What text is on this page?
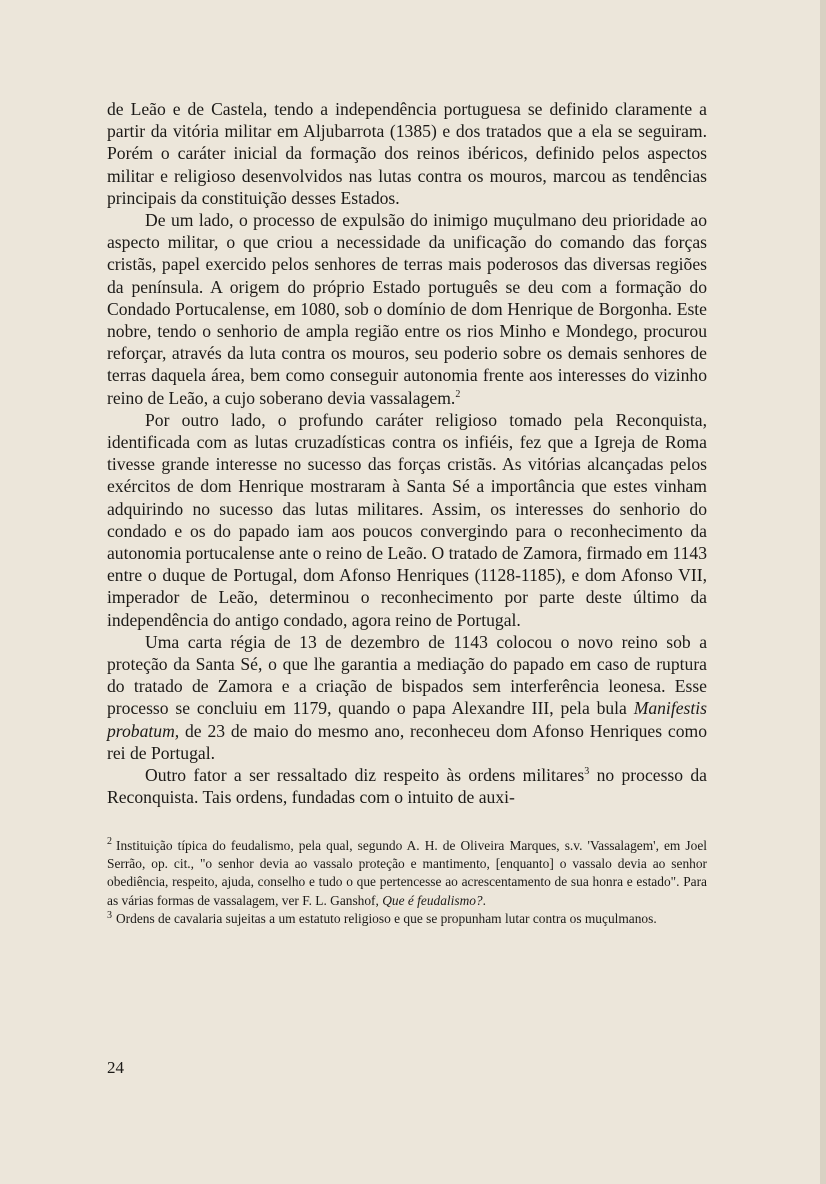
de Leão e de Castela, tendo a independência portuguesa se definido claramente a partir da vitória militar em Aljubarrota (1385) e dos tratados que a ela se seguiram. Porém o caráter inicial da formação dos reinos ibéricos, definido pelos aspectos militar e religioso desenvolvidos nas lutas contra os mouros, marcou as tendências principais da constituição desses Estados.

De um lado, o processo de expulsão do inimigo muçulmano deu prioridade ao aspecto militar, o que criou a necessidade da unificação do comando das forças cristãs, papel exercido pelos senhores de terras mais poderosos das diversas regiões da península. A origem do próprio Estado português se deu com a formação do Condado Portucalense, em 1080, sob o domínio de dom Henrique de Borgonha. Este nobre, tendo o senhorio de ampla região entre os rios Minho e Mondego, procurou reforçar, através da luta contra os mouros, seu poderio sobre os demais senhores de terras daquela área, bem como conseguir autonomia frente aos interesses do vizinho reino de Leão, a cujo soberano devia vassalagem.$^2$

Por outro lado, o profundo caráter religioso tomado pela Reconquista, identificada com as lutas cruzadísticas contra os infiéis, fez que a Igreja de Roma tivesse grande interesse no sucesso das forças cristãs. As vitórias alcançadas pelos exércitos de dom Henrique mostraram à Santa Sé a importância que estes vinham adquirindo no sucesso das lutas militares. Assim, os interesses do senhorio do condado e os do papado iam aos poucos convergindo para o reconhecimento da autonomia portucalense ante o reino de Leão. O tratado de Zamora, firmado em 1143 entre o duque de Portugal, dom Afonso Henriques (1128-1185), e dom Afonso VII, imperador de Leão, determinou o reconhecimento por parte deste último da independência do antigo condado, agora reino de Portugal.

Uma carta régia de 13 de dezembro de 1143 colocou o novo reino sob a proteção da Santa Sé, o que lhe garantia a mediação do papado em caso de ruptura do tratado de Zamora e a criação de bispados sem interferência leonesa. Esse processo se concluiu em 1179, quando o papa Alexandre III, pela bula Manifestis probatum, de 23 de maio do mesmo ano, reconheceu dom Afonso Henriques como rei de Portugal.

Outro fator a ser ressaltado diz respeito às ordens militares$^3$ no processo da Reconquista. Tais ordens, fundadas com o intuito de auxi-

$^2$ Instituição típica do feudalismo, pela qual, segundo A. H. de Oliveira Marques, s.v. 'Vassalagem', em Joel Serrão, op. cit., "o senhor devia ao vassalo proteção e mantimento, [enquanto] o vassalo devia ao senhor obediência, respeito, ajuda, conselho e tudo o que pertencesse ao acrescentamento de sua honra e estado". Para as várias formas de vassalagem, ver F. L. Ganshof, Que é feudalismo?.

$^3$ Ordens de cavalaria sujeitas a um estatuto religioso e que se propunham lutar contra os muçulmanos.

24
